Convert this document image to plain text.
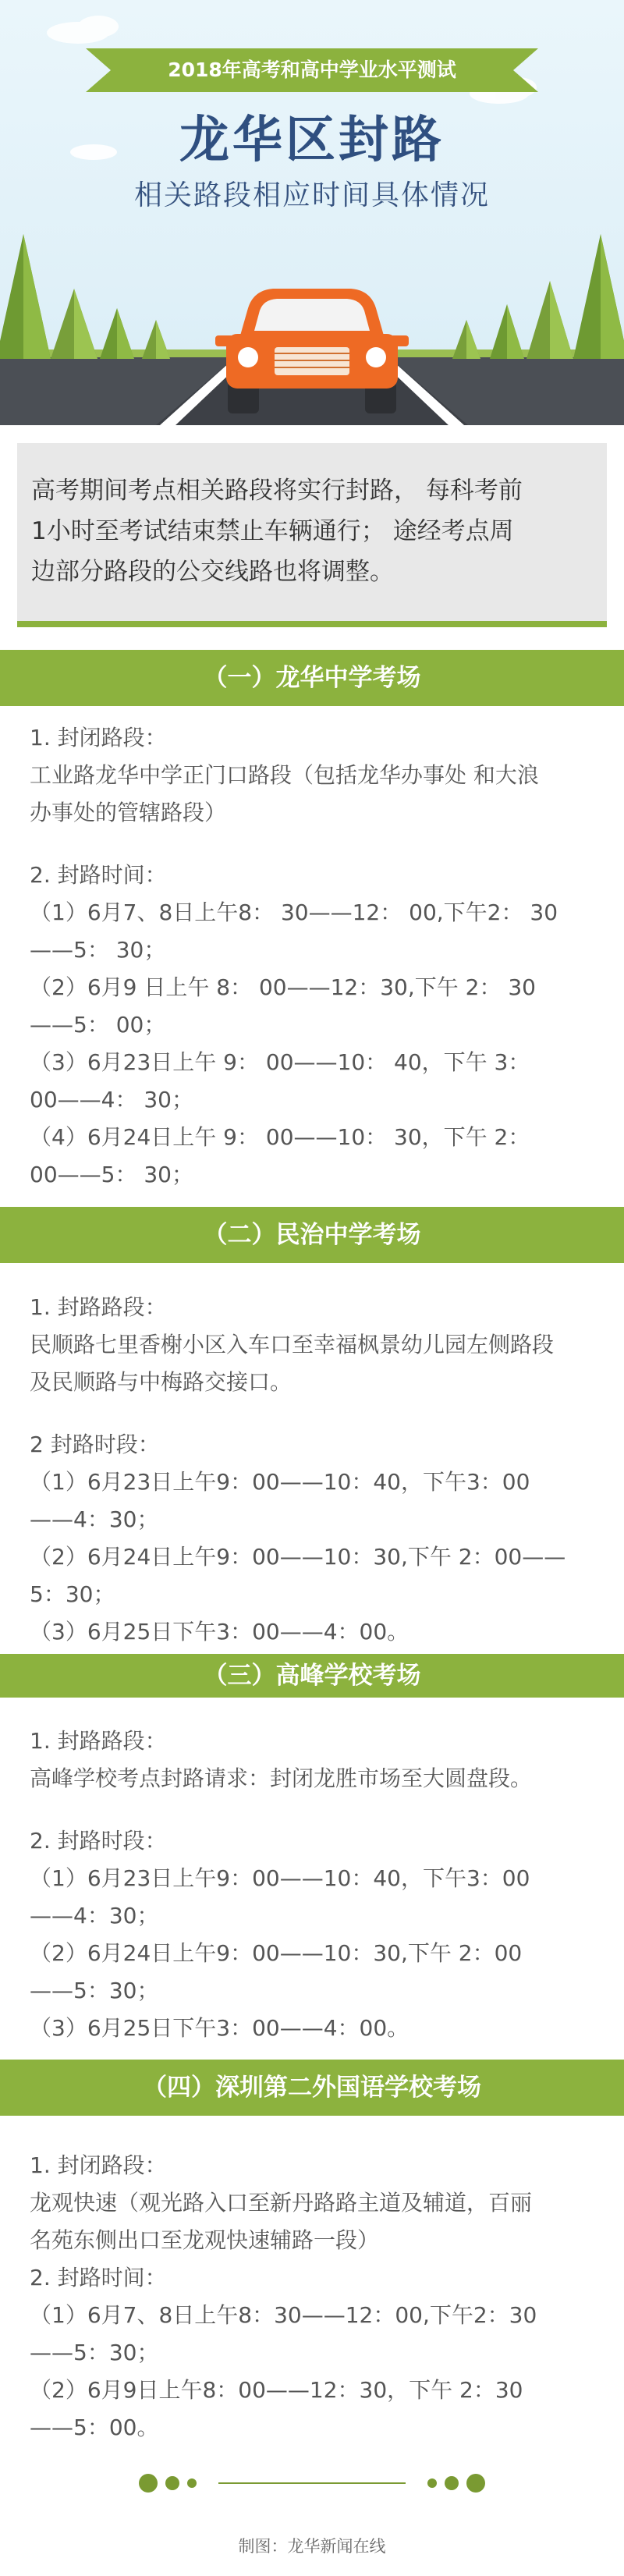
2018年高考和高中学业水平测试
龙华区封路
相关路段相应时间具体情况
高考期间考点相关路段将实行封路， 每科考前
1小时至考试结束禁止车辆通行； 途经考点周
边部分路段的公交线路也将调整。
（一）龙华中学考场
1. 封闭路段：
工业路龙华中学正门口路段（包括龙华办事处 和大浪
办事处的管辖路段）
2. 封路时间：
（1）6月7、8日上午8： 30——12： 00,下午2： 30
——5： 30；
（2）6月9 日上午 8： 00——12：30,下午 2： 30
——5： 00；
（3）6月23日上午 9： 00——10： 40，下午 3：
00——4： 30；
（4）6月24日上午 9： 00——10： 30，下午 2：
00——5： 30；
（二）民治中学考场
1. 封路路段：
民顺路七里香榭小区入车口至幸福枫景幼儿园左侧路段
及民顺路与中梅路交接口。
2 封路时段：
（1）6月23日上午9：00——10：40，下午3：00
——4：30；
（2）6月24日上午9：00——10：30,下午 2：00——
5：30；
（3）6月25日下午3：00——4：00。
（三）高峰学校考场
1. 封路路段：
高峰学校考点封路请求：封闭龙胜市场至大圆盘段。
2. 封路时段：
（1）6月23日上午9：00——10：40，下午3：00
——4：30；
（2）6月24日上午9：00——10：30,下午 2：00
——5：30；
（3）6月25日下午3：00——4：00。
（四）深圳第二外国语学校考场
1. 封闭路段：
龙观快速（观光路入口至新丹路路主道及辅道，百丽
名苑东侧出口至龙观快速辅路一段）
2. 封路时间：
（1）6月7、8日上午8：30——12：00,下午2：30
——5：30；
（2）6月9日上午8：00——12：30，下午 2：30
——5：00。
制图：龙华新闻在线
